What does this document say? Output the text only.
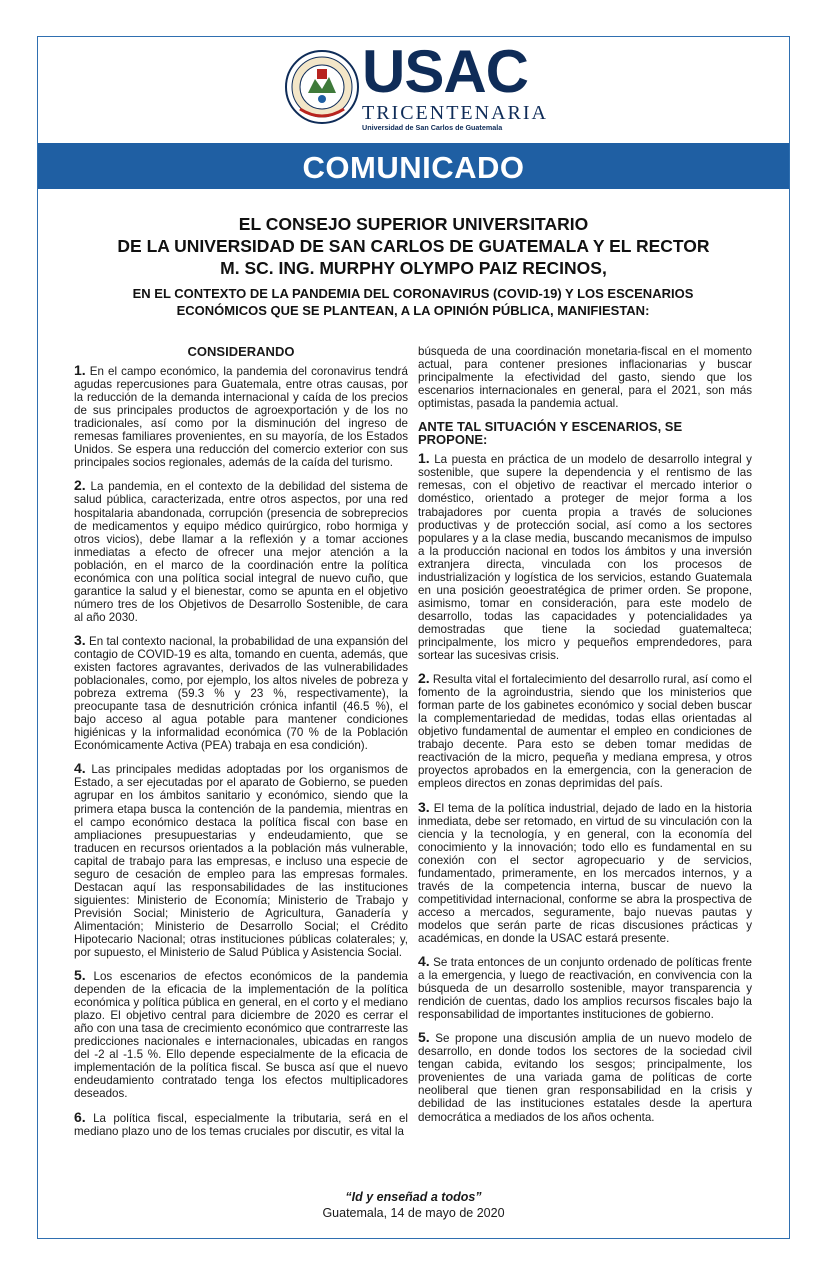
USAC
TRICENTENARIA
Universidad de San Carlos de Guatemala
COMUNICADO
EL CONSEJO SUPERIOR UNIVERSITARIO
DE LA UNIVERSIDAD DE SAN CARLOS DE GUATEMALA Y EL RECTOR
M. SC. ING. MURPHY OLYMPO PAIZ RECINOS,
EN EL CONTEXTO DE LA PANDEMIA DEL CORONAVIRUS (COVID-19) Y LOS ESCENARIOS ECONÓMICOS QUE SE PLANTEAN, A LA OPINIÓN PÚBLICA, MANIFIESTAN:
CONSIDERANDO

1. En el campo económico, la pandemia del coronavirus tendrá agudas repercusiones para Guatemala, entre otras causas, por la reducción de la demanda internacional y caída de los precios de sus principales productos de agroexportación y de los no tradicionales, así como por la disminución del ingreso de remesas familiares provenientes, en su mayoría, de los Estados Unidos. Se espera una reducción del comercio exterior con sus principales socios regionales, además de la caída del turismo.

2. La pandemia, en el contexto de la debilidad del sistema de salud pública, caracterizada, entre otros aspectos, por una red hospitalaria abandonada, corrupción (presencia de sobreprecios de medicamentos y equipo médico quirúrgico, robo hormiga y otros vicios), debe llamar a la reflexión y a tomar acciones inmediatas a efecto de ofrecer una mejor atención a la población, en el marco de la coordinación entre la política económica con una política social integral de nuevo cuño, que garantice la salud y el bienestar, como se apunta en el objetivo número tres de los Objetivos de Desarrollo Sostenible, de cara al año 2030.

3. En tal contexto nacional, la probabilidad de una expansión del contagio de COVID-19 es alta, tomando en cuenta, además, que existen factores agravantes, derivados de las vulnerabilidades poblacionales, como, por ejemplo, los altos niveles de pobreza y pobreza extrema (59.3 % y 23 %, respectivamente), la preocupante tasa de desnutrición crónica infantil (46.5 %), el bajo acceso al agua potable para mantener condiciones higiénicas y la informalidad económica (70 % de la Población Económicamente Activa (PEA) trabaja en esa condición).

4. Las principales medidas adoptadas por los organismos de Estado, a ser ejecutadas por el aparato de Gobierno, se pueden agrupar en los ámbitos sanitario y económico, siendo que la primera etapa busca la contención de la pandemia, mientras en el campo económico destaca la política fiscal con base en ampliaciones presupuestarias y endeudamiento, que se traducen en recursos orientados a la población más vulnerable, capital de trabajo para las empresas, e incluso una especie de seguro de cesación de empleo para las empresas formales. Destacan aquí las responsabilidades de las instituciones siguientes: Ministerio de Economía; Ministerio de Trabajo y Previsión Social; Ministerio de Agricultura, Ganadería y Alimentación; Ministerio de Desarrollo Social; el Crédito Hipotecario Nacional; otras instituciones públicas colaterales; y, por supuesto, el Ministerio de Salud Pública y Asistencia Social.

5. Los escenarios de efectos económicos de la pandemia dependen de la eficacia de la implementación de la política económica y política pública en general, en el corto y el mediano plazo. El objetivo central para diciembre de 2020 es cerrar el año con una tasa de crecimiento económico que contrarreste las predicciones nacionales e internacionales, ubicadas en rangos del -2 al -1.5 %. Ello depende especialmente de la eficacia de implementación de la política fiscal. Se busca así que el nuevo endeudamiento contratado tenga los efectos multiplicadores deseados.

6. La política fiscal, especialmente la tributaria, será en el mediano plazo uno de los temas cruciales por discutir, es vital la

búsqueda de una coordinación monetaria-fiscal en el momento actual, para contener presiones inflacionarias y buscar principalmente la efectividad del gasto, siendo que los escenarios internacionales en general, para el 2021, son más optimistas, pasada la pandemia actual.

ANTE TAL SITUACIÓN Y ESCENARIOS, SE PROPONE:

1. La puesta en práctica de un modelo de desarrollo integral y sostenible, que supere la dependencia y el rentismo de las remesas, con el objetivo de reactivar el mercado interior o doméstico, orientado a proteger de mejor forma a los trabajadores por cuenta propia a través de soluciones productivas y de protección social, así como a los sectores populares y a la clase media, buscando mecanismos de impulso a la producción nacional en todos los ámbitos y una inversión extranjera directa, vinculada con los procesos de industrialización y logística de los servicios, estando Guatemala en una posición geoestratégica de primer orden. Se propone, asimismo, tomar en consideración, para este modelo de desarrollo, todas las capacidades y potencialidades ya demostradas que tiene la sociedad guatemalteca; principalmente, los micro y pequeños emprendedores, para sortear las sucesivas crisis.

2. Resulta vital el fortalecimiento del desarrollo rural, así como el fomento de la agroindustria, siendo que los ministerios que forman parte de los gabinetes económico y social deben buscar la complementariedad de medidas, todas ellas orientadas al objetivo fundamental de aumentar el empleo en condiciones de trabajo decente. Para esto se deben tomar medidas de reactivación de la micro, pequeña y mediana empresa, y otros proyectos aprobados en la emergencia, con la generacion de empleos directos en zonas deprimidas del país.

3. El tema de la política industrial, dejado de lado en la historia inmediata, debe ser retomado, en virtud de su vinculación con la ciencia y la tecnología, y en general, con la economía del conocimiento y la innovación; todo ello es fundamental en su conexión con el sector agropecuario y de servicios, fundamentado, primeramente, en los mercados internos, y a través de la competencia interna, buscar de nuevo la competitividad internacional, conforme se abra la prospectiva de acceso a mercados, seguramente, bajo nuevas pautas y modelos que serán parte de ricas discusiones prácticas y académicas, en donde la USAC estará presente.

4. Se trata entonces de un conjunto ordenado de políticas frente a la emergencia, y luego de reactivación, en convivencia con la búsqueda de un desarrollo sostenible, mayor transparencia y rendición de cuentas, dado los amplios recursos fiscales bajo la responsabilidad de importantes instituciones de gobierno.

5. Se propone una discusión amplia de un nuevo modelo de desarrollo, en donde todos los sectores de la sociedad civil tengan cabida, evitando los sesgos; principalmente, los provenientes de una variada gama de políticas de corte neoliberal que tienen gran responsabilidad en la crisis y debilidad de las instituciones estatales desde la apertura democrática a mediados de los años ochenta.

“Id y enseñad a todos”
Guatemala, 14 de mayo de 2020
